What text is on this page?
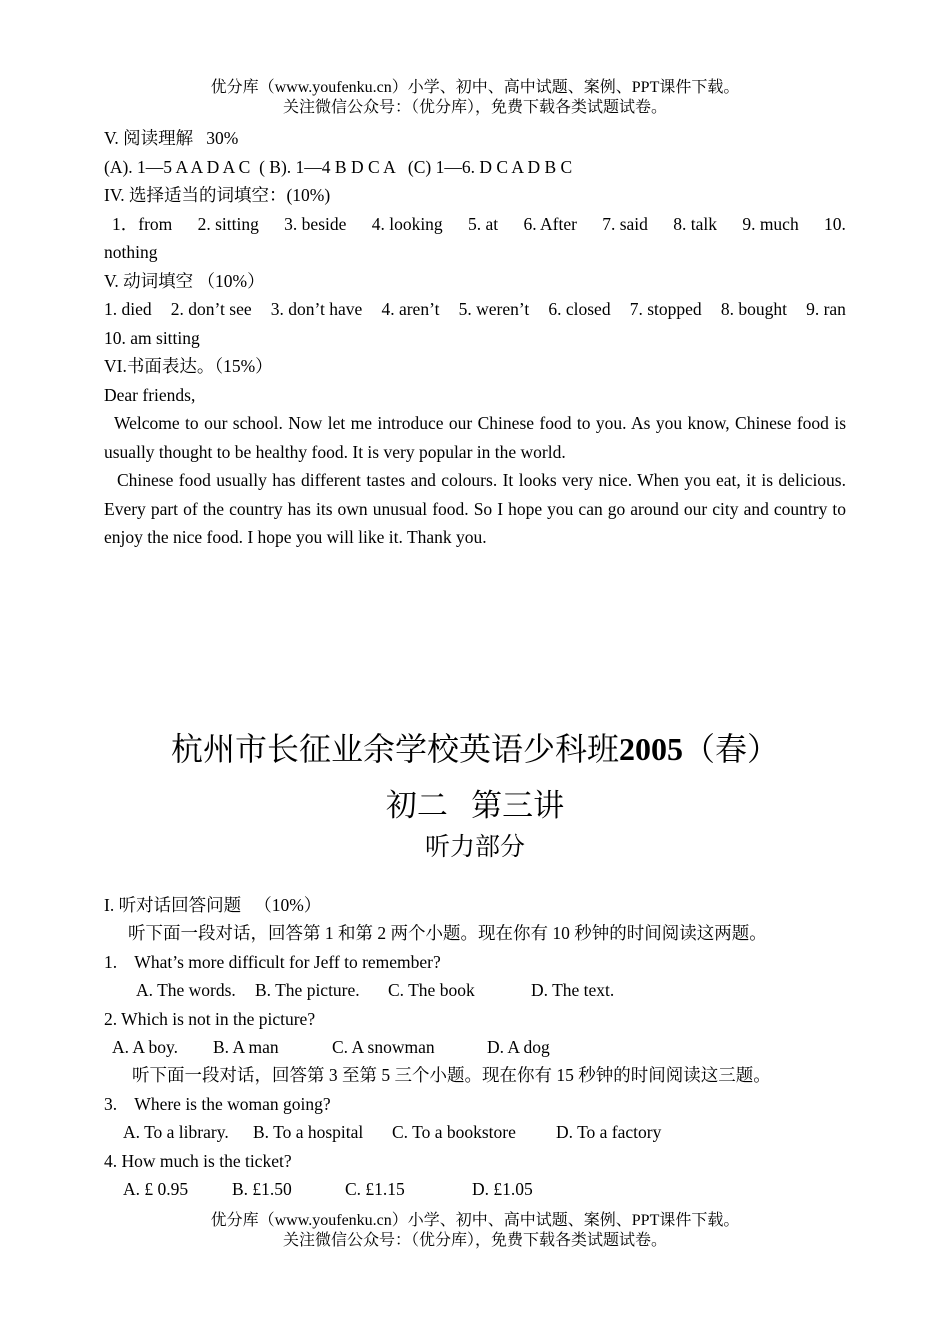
优分库（www.youfenku.cn）小学、初中、高中试题、案例、PPT课件下载。
关注微信公众号：（优分库），免费下载各类试题试卷。
V. 阅读理解   30%
(A). 1—5 A A D A C  ( B). 1—4 B D C A   (C) 1—6. D C A D B C
IV. 选择适当的词填空：(10%)
1．from 2. sitting 3. beside 4. looking 5. at 6. After 7. said 8. talk 9. much 10.
nothing
V. 动词填空 （10%）
1. died 2. don’t see 3. don’t have 4. aren’t 5. weren’t 6. closed 7. stopped 8. bought 9. ran
10. am sitting
VI.书面表达。（15%）
Dear friends,
Welcome to our school. Now let me introduce our Chinese food to you. As you know, Chinese food is usually thought to be healthy food. It is very popular in the world.
Chinese food usually has different tastes and colours. It looks very nice. When you eat, it is delicious. Every part of the country has its own unusual food. So I hope you can go around our city and country to enjoy the nice food. I hope you will like it. Thank you.
杭州市长征业余学校英语少科班2005（春）
初二   第三讲
听力部分
I. 听对话回答问题   （10%）
听下面一段对话，回答第 1 和第 2 两个小题。现在你有 10 秒钟的时间阅读这两题。
1.    What’s more difficult for Jeff to remember?
A. The words. B. The picture. C. The book	D. The text.
2. Which is not in the picture?
A. A boy. B. A man	C. A snowman	D. A dog
听下面一段对话，回答第 3 至第 5 三个小题。现在你有 15 秒钟的时间阅读这三题。
3.    Where is the woman going?
A. To a library. B. To a hospital C. To a bookstore D. To a factory
4. How much is the ticket?
A. £ 0.95	B. £1.50	C. £1.15	D. £1.05
优分库（www.youfenku.cn）小学、初中、高中试题、案例、PPT课件下载。
关注微信公众号：（优分库），免费下载各类试题试卷。
